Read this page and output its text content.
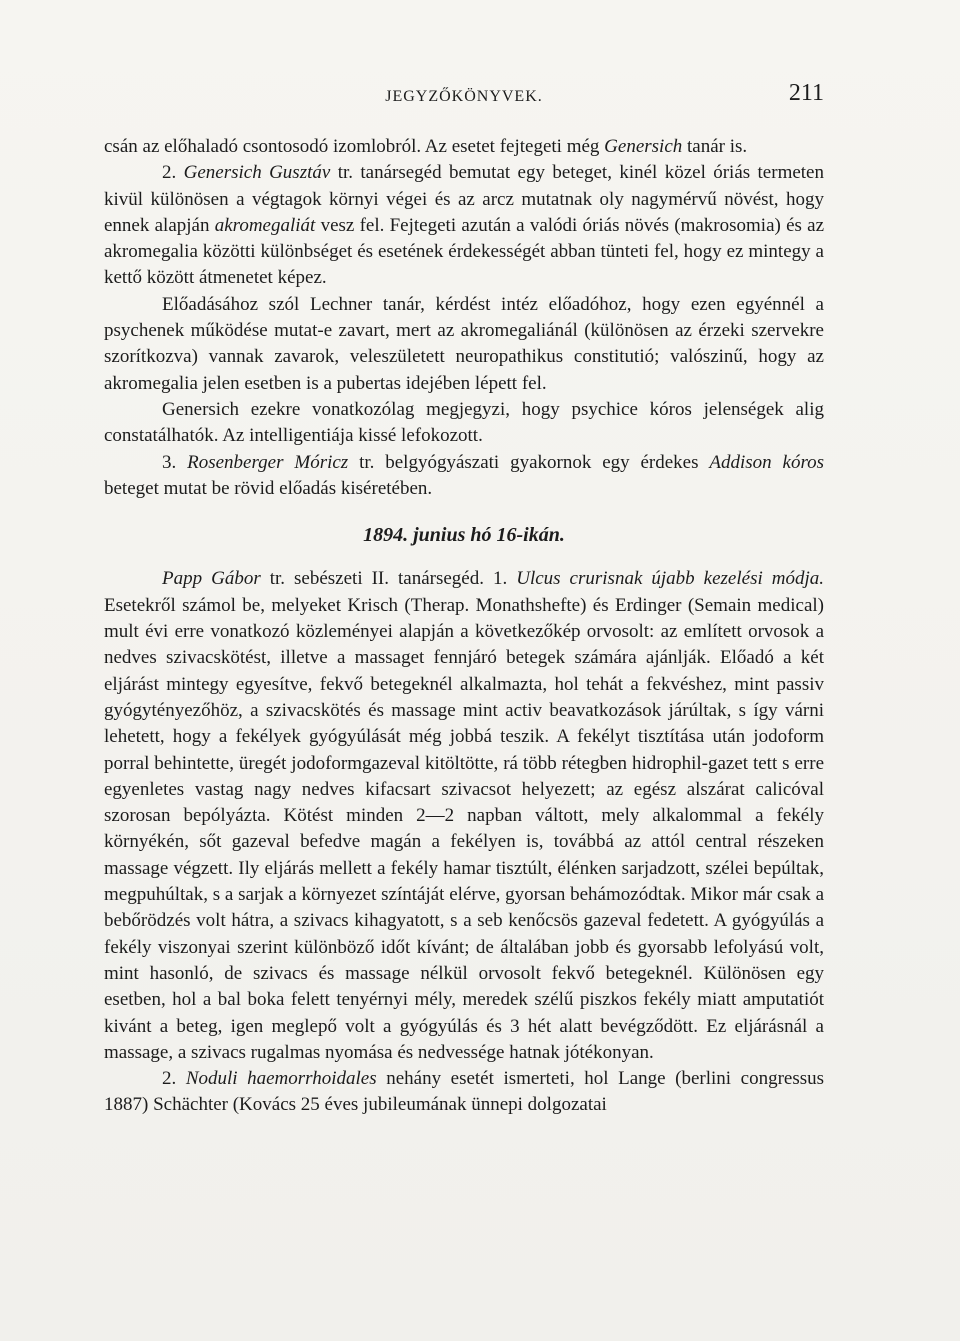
JEGYZŐKÖNYVEK.	211

csán az előhaladó csontosodó izomlobról. Az esetet fejtegeti még Genersich tanár is.

2. Genersich Gusztáv tr. tanársegéd bemutat egy beteget, kinél közel óriás termeten kivül különösen a végtagok környi végei és az arcz mutatnak oly nagymérvű növést, hogy ennek alapján akromegaliát vesz fel. Fejtegeti azután a valódi óriás növés (makrosomia) és az akromegalia közötti különbséget és esetének érdekességét abban tünteti fel, hogy ez mintegy a kettő között átmenetet képez.

Előadásához szól Lechner tanár, kérdést intéz előadóhoz, hogy ezen egyénnél a psychenek működése mutat-e zavart, mert az akromegaliánál (különösen az érzeki szervekre szorítkozva) vannak zavarok, veleszületett neuropathikus constitutió; valószinű, hogy az akromegalia jelen esetben is a pubertas idejében lépett fel.

Genersich ezekre vonatkozólag megjegyzi, hogy psychice kóros jelenségek alig constatálhatók. Az intelligentiája kissé lefokozott.

3. Rosenberger Móricz tr. belgyógyászati gyakornok egy érdekes Addison kóros beteget mutat be rövid előadás kiséretében.

1894. junius hó 16-ikán.

Papp Gábor tr. sebészeti II. tanársegéd. 1. Ulcus crurisnak újabb kezelési módja. Esetekről számol be, melyeket Krisch (Therap. Monathshefte) és Erdinger (Semain medical) mult évi erre vonatkozó közleményei alapján a következőkép orvosolt: az említett orvosok a nedves szivacskötést, illetve a massaget fennjáró betegek számára ajánlják. Előadó a két eljárást mintegy egyesítve, fekvő betegeknél alkalmazta, hol tehát a fekvéshez, mint passiv gyógytényezőhöz, a szivacskötés és massage mint activ beavatkozások járúltak, s így várni lehetett, hogy a fekélyek gyógyúlását még jobbá teszik. A fekélyt tisztítása után jodoform porral behintette, üregét jodoformgazeval kitöltötte, rá több rétegben hidrophil-gazet tett s erre egyenletes vastag nagy nedves kifacsart szivacsot helyezett; az egész alszárat calicóval szorosan bepólyázta. Kötést minden 2—2 napban váltott, mely alkalommal a fekély környékén, sőt gazeval befedve magán a fekélyen is, továbbá az attól central részeken massage végzett. Ily eljárás mellett a fekély hamar tisztúlt, élénken sarjadzott, szélei bepúltak, megpuhúltak, s a sarjak a környezet színtáját elérve, gyorsan behámozódtak. Mikor már csak a bebőrödzés volt hátra, a szivacs kihagyatott, s a seb kenőcsös gazeval fedetett. A gyógyúlás a fekély viszonyai szerint különböző időt kívánt; de általában jobb és gyorsabb lefolyású volt, mint hasonló, de szivacs és massage nélkül orvosolt fekvő betegeknél. Különösen egy esetben, hol a bal boka felett tenyérnyi mély, meredek szélű piszkos fekély miatt amputatiót kivánt a beteg, igen meglepő volt a gyógyúlás és 3 hét alatt bevégződött. Ez eljárásnál a massage, a szivacs rugalmas nyomása és nedvessége hatnak jótékonyan.

2. Noduli haemorrhoidales nehány esetét ismerteti, hol Lange (berlini congressus 1887) Schächter (Kovács 25 éves jubileumának ünnepi dolgozatai
